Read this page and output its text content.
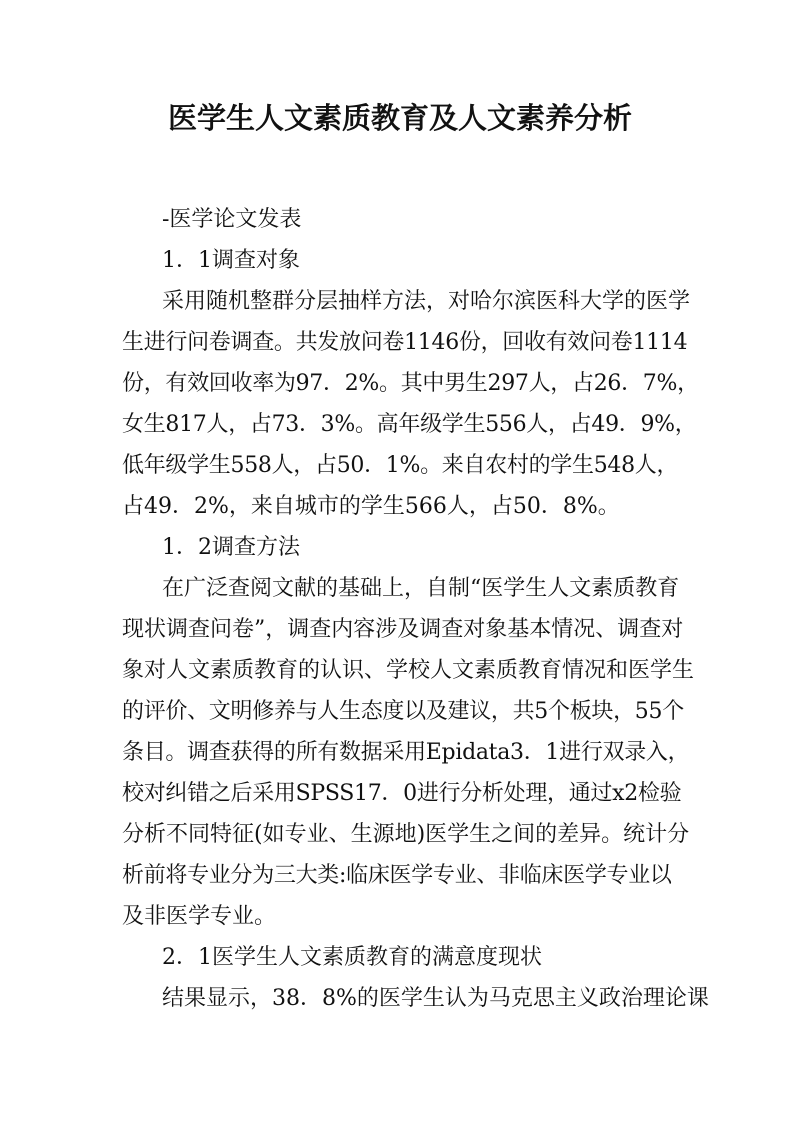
医学生人文素质教育及人文素养分析
-医学论文发表
1．1调查对象
采用随机整群分层抽样方法，对哈尔滨医科大学的医学
生进行问卷调查。共发放问卷1146份，回收有效问卷1114
份，有效回收率为97．2%。其中男生297人，占26．7%，
女生817人，占73．3%。高年级学生556人，占49．9%，
低年级学生558人，占50．1%。来自农村的学生548人，
占49．2%，来自城市的学生566人，占50．8%。
1．2调查方法
在广泛查阅文献的基础上，自制“医学生人文素质教育
现状调查问卷”，调查内容涉及调查对象基本情况、调查对
象对人文素质教育的认识、学校人文素质教育情况和医学生
的评价、文明修养与人生态度以及建议，共5个板块，55个
条目。调查获得的所有数据采用Epidata3．1进行双录入，
校对纠错之后采用SPSS17．0进行分析处理，通过x2检验
分析不同特征(如专业、生源地)医学生之间的差异。统计分
析前将专业分为三大类:临床医学专业、非临床医学专业以
及非医学专业。
2．1医学生人文素质教育的满意度现状
结果显示，38．8%的医学生认为马克思主义政治理论课
